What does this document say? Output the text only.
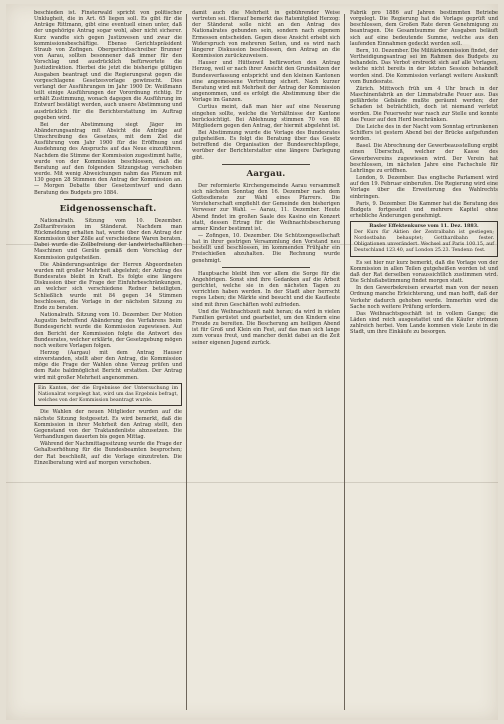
beschieden ist. Finsterwald spricht von politischer Unklugheit, die in Art. 65 liegen soll. Es gibt für die Anträge Rittmann, gibt eine eventuell einen unter, daß der ungehörige Antrag sogar wohl, aber nicht sicherer. Kurz wandte sich gegen Justizwesen und zwar die kommissionsbeschäftige. Ebenso Gerichtspräsident Straub von Zofingen. Obergerichtsschreiber Brunner von Aarau, sollten besonnener daß immer für den Vorschlag und ausdrücklich befürwortete die Justizdirektion. Hierbei die jetzt die bisherige gültigen Ausgaben beantragt und die Regierungsrat gegen die vorgeschlagene Gesetzesvorlage gewünscht. Dies verlangt der Ausführungen im Jahr 1900 Dr. Weißmann teilt einige Ausführungen der Vorordnung richtig. Er erhält Zustimmung, wonach dagegen die Ausführung im Entwurf bestätigt werden, auch unsere Abstimmung und ausdrücklich für die Berichterstattung im Auftrag gegeben wird.

Bei der Abstimmung siegt Jäger im Abänderungsantrag mit Absicht die Anträge auf Umschreibung des Gesetzes, mit dem Ziel die Ausführung vom Jahr 1900 für die Eröffnung und Ausdehnung des Anspruchs auf das Neue einzuführen. Nachdem die Stimme der Kommission zugestimmt hatte, wurde von der Kommission beschlossen, daß die Beratung auf den folgenden Sitzungstag verschoben werde. Mit wenig Abweichungen nahm das Plenum mit 130 gegen 28 Stimmen den Antrag der Kommission an. — Morgen Debatte über Gesetzentwurf und dann Beratung des Budgets pro 1884.

Eidgenossenschaft.

Nationalrath. Sitzung vom 10. Dezember. Zolltarifrevision im Ständerat. Nachdem man Rückmeldung erhalten hat, wurde über den Antrag der Kommission über Zölle auf verschiedene Waren beraten. Dabei wurde die Zollbefreiung der landwirtschaftlichen Maschinen und Geräte gemäß dem Vorschlag der Kommission gutgeheißen.

Die Abänderungsanträge der Herren Abgeordneten wurden mit großer Mehrheit abgelehnt; der Antrag des Bundesrates bleibt in Kraft. Es folgte eine längere Diskussion über die Frage der Einfuhrbeschränkungen, an welcher sich verschiedene Redner beteiligten. Schließlich wurde mit 84 gegen 34 Stimmen beschlossen, die Vorlage in der nächsten Sitzung zu Ende zu beraten.

Nationalrath. Sitzung vom 10. Dezember. Der Motion Augustin betreffend Abänderung des Verfahrens beim Bundesgericht wurde die Kommission zugewiesen. Auf den Bericht der Kommission folgte die Antwort des Bundesrates, welcher erklärte, der Gesetzgebung mögen noch weitere Vorlagen folgen.

Herzog (Aargau) mit dem Antrag Hauser einverstanden, stellt aber den Antrag, die Kommission möge die Frage der Wahlen ohne Verzug prüfen und dem Rate baldmöglichst Bericht erstatten. Der Antrag wird mit großer Mehrheit angenommen.

Ein Kanton, der die Ergebnisse der Untersuchung im Nationalrat vorgelegt hat, wird um das Ergebnis befragt, welches von der Kommission beantragt wurde.

Die Wahlen der neuen Mitglieder wurden auf die nächste Sitzung festgesetzt. Es wird bemerkt, daß die Kommission in ihrer Mehrheit den Antrag stellt, den Gegenstand von der Traktandenliste abzusetzen. Die Verhandlungen dauerten bis gegen Mittag.

Während der Nachmittagssitzung wurde die Frage der Gehaltserhöhung für die Bundesbeamten besprochen; der Rat beschließt, auf die Vorlage einzutreten. Die Einzelberatung wird auf morgen verschoben.

damit auch die Mehrheit in gebührender Weise vertreten sei. Hierauf bemerkt das Ratsmitglied Herzog: der Ständerat solle nicht an den Antrag des Nationalrates gebunden sein, sondern nach eigenem Ermessen entscheiden. Gegen diese Ansicht erhebt sich Widerspruch von mehreren Seiten, und es wird nach längerer Diskussion beschlossen, den Antrag an die Kommission zurückzuweisen.

Hauser und Hüttenwil befürworten den Antrag Herzog, weil er nach ihrer Ansicht den Grundsätzen der Bundesverfassung entspricht und den kleinen Kantonen eine angemessene Vertretung sichert. Nach kurzer Beratung wird mit Mehrheit der Antrag der Kommission angenommen, und es erfolgt die Abstimmung über die Vorlage im Ganzen.

Curtius meint, daß man hier auf eine Neuerung eingehen sollte, welche die Verhältnisse der Kantone berücksichtigt. Bei Ablehnung stimmen 70 von 88 Mitgliedern gegen den Antrag, der hiermit abgelehnt ist.

Bei Abstimmung wurde die Vorlage des Bundesrates gutgeheißen. Es folgt die Beratung über das Gesetz betreffend die Organisation der Bundesrechtspflege, worüber der Berichterstatter eine längere Darlegung gibt.

Aargau.

Der reformierte Kirchengemeinde Aarau versammelt sich nächsten Sonntag den 16. Dezember nach dem Gottesdienste zur Wahl eines Pfarrers. Die Vorsteherschaft empfiehlt der Gemeinde den bisherigen Verweser zur Wahl. — Aarau, 11. Dezember. Heute Abend findet im großen Saale des Kasino ein Konzert statt, dessen Ertrag für die Weihnachtsbescherung armer Kinder bestimmt ist.

— Zofingen, 10. Dezember. Die Schützengesellschaft hat in ihrer gestrigen Versammlung den Vorstand neu bestellt und beschlossen, im kommenden Frühjahr ein Freischießen abzuhalten. Die Rechnung wurde genehmigt.

Hauptsache bleibt ihm vor allem die Sorge für die Angehörigen. Sonst sind ihre Gedanken auf die Arbeit gerichtet, welche sie in den nächsten Tagen zu verrichten haben werden. In der Stadt aber herrscht reges Leben; die Märkte sind besucht und die Kaufleute sind mit ihren Geschäften wohl zufrieden.

Und die Weihnachtszeit naht heran; da wird in vielen Familien gerüstet und gearbeitet, um den Kindern eine Freude zu bereiten. Die Bescherung am heiligen Abend ist für Groß und Klein ein Fest, auf das man sich lange zum voraus freut, und mancher denkt dabei an die Zeit seiner eigenen Jugend zurück.

Fabrik pro 1886 auf Jahren bestimmten Betriebe vorgelegt. Die Regierung hat die Vorlage geprüft und beschlossen, dem Großen Rate deren Genehmigung zu beantragen. Die Gesamtsumme der Ausgaben beläuft sich auf eine bedeutende Summe, welche aus den laufenden Einnahmen gedeckt werden soll.

Bern, 10. Dezember. Die Militärkommission findet, der Vertheidigungsantrag sei im Rahmen des Budgets zu behandeln. Das Verbot erstreckt sich auf alle Vorlagen, welche nicht bereits in der letzten Session behandelt worden sind. Die Kommission verlangt weitere Auskunft vom Bundesrate.

Zürich. Mittwoch früh um 4 Uhr brach in der Maschinenfabrik an der Limmatstraße Feuer aus. Das gefährdete Gebäude mußte geräumt werden; der Schaden ist beträchtlich, doch ist niemand verletzt worden. Die Feuerwehr war rasch zur Stelle und konnte das Feuer auf den Herd beschränken.

Die Leiche des in der Nacht vom Sonntag ertrunkenen Schiffers ist gestern Abend bei der Brücke aufgefunden worden.

Basel. Die Abrechnung der Gewerbeausstellung ergibt einen Überschuß, welcher der Kasse des Gewerbevereins zugewiesen wird. Der Verein hat beschlossen, im nächsten Jahre eine Fachschule für Lehrlinge zu eröffnen.

London, 9. Dezember. Das englische Parlament wird auf den 19. Februar einberufen. Die Regierung wird eine Vorlage über die Erweiterung des Wahlrechts einbringen.

Paris, 9. Dezember. Die Kammer hat die Beratung des Budgets fortgesetzt und mehrere Kapitel ohne erhebliche Änderungen genehmigt.

Basler Effektenkurse vom 11. Dez. 1883.
Der Kurs für Aktien der Zentralbahn ist gestiegen; Nordostbahn behauptet; Gotthardbahn fester. Obligationen unverändert. Wechsel auf Paris 100.15, auf Deutschland 123.40, auf London 25.23. Tendenz: fest.

Es sei hier nur kurz bemerkt, daß die Vorlage von der Kommission in allen Teilen gutgeheißen worden ist und daß der Rat derselben voraussichtlich zustimmen wird. Die Schlußabstimmung findet morgen statt.

In den Gewerbekreisen erwartet man von der neuen Ordnung manche Erleichterung, und man hofft, daß der Verkehr dadurch gehoben werde. Immerhin wird die Sache noch weitere Prüfung erfordern.

Das Weihnachtsgeschäft ist in vollem Gange; die Läden sind reich ausgestattet und die Käufer strömen zahlreich herbei. Vom Lande kommen viele Leute in die Stadt, um ihre Einkäufe zu besorgen.
